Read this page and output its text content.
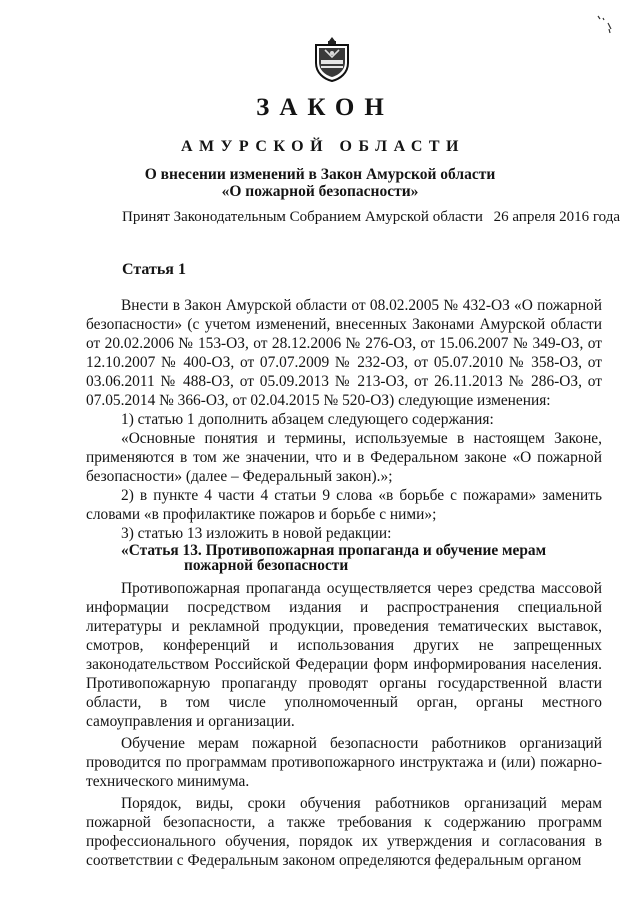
ЗАКОН
АМУРСКОЙ ОБЛАСТИ
О внесении изменений в Закон Амурской области
«О пожарной безопасности»
Принят Законодательным Собранием Амурской области 26 апреля 2016 года
Статья 1

Внести в Закон Амурской области от 08.02.2005 № 432-ОЗ «О пожарной безопасности» (с учетом изменений, внесенных Законами Амурской области от 20.02.2006 № 153-ОЗ, от 28.12.2006 № 276-ОЗ, от 15.06.2007 № 349-ОЗ, от 12.10.2007 № 400-ОЗ, от 07.07.2009 № 232-ОЗ, от 05.07.2010 № 358-ОЗ, от 03.06.2011 № 488-ОЗ, от 05.09.2013 № 213-ОЗ, от 26.11.2013 № 286-ОЗ, от 07.05.2014 № 366-ОЗ, от 02.04.2015 № 520-ОЗ) следующие изменения:

1) статью 1 дополнить абзацем следующего содержания:

«Основные понятия и термины, используемые в настоящем Законе, применяются в том же значении, что и в Федеральном законе «О пожарной безопасности» (далее – Федеральный закон).»;

2) в пункте 4 части 4 статьи 9 слова «в борьбе с пожарами» заменить словами «в профилактике пожаров и борьбе с ними»;

3) статью 13 изложить в новой редакции:

«Статья 13. Противопожарная пропаганда и обучение мерам
пожарной безопасности

Противопожарная пропаганда осуществляется через средства массовой информации посредством издания и распространения специальной литературы и рекламной продукции, проведения тематических выставок, смотров, конференций и использования других не запрещенных законодательством Российской Федерации форм информирования населения. Противопожарную пропаганду проводят органы государственной власти области, в том числе уполномоченный орган, органы местного самоуправления и организации.

Обучение мерам пожарной безопасности работников организаций проводится по программам противопожарного инструктажа и (или) пожарно-технического минимума.

Порядок, виды, сроки обучения работников организаций мерам пожарной безопасности, а также требования к содержанию программ профессионального обучения, порядок их утверждения и согласования в соответствии с Федеральным законом определяются федеральным органом
